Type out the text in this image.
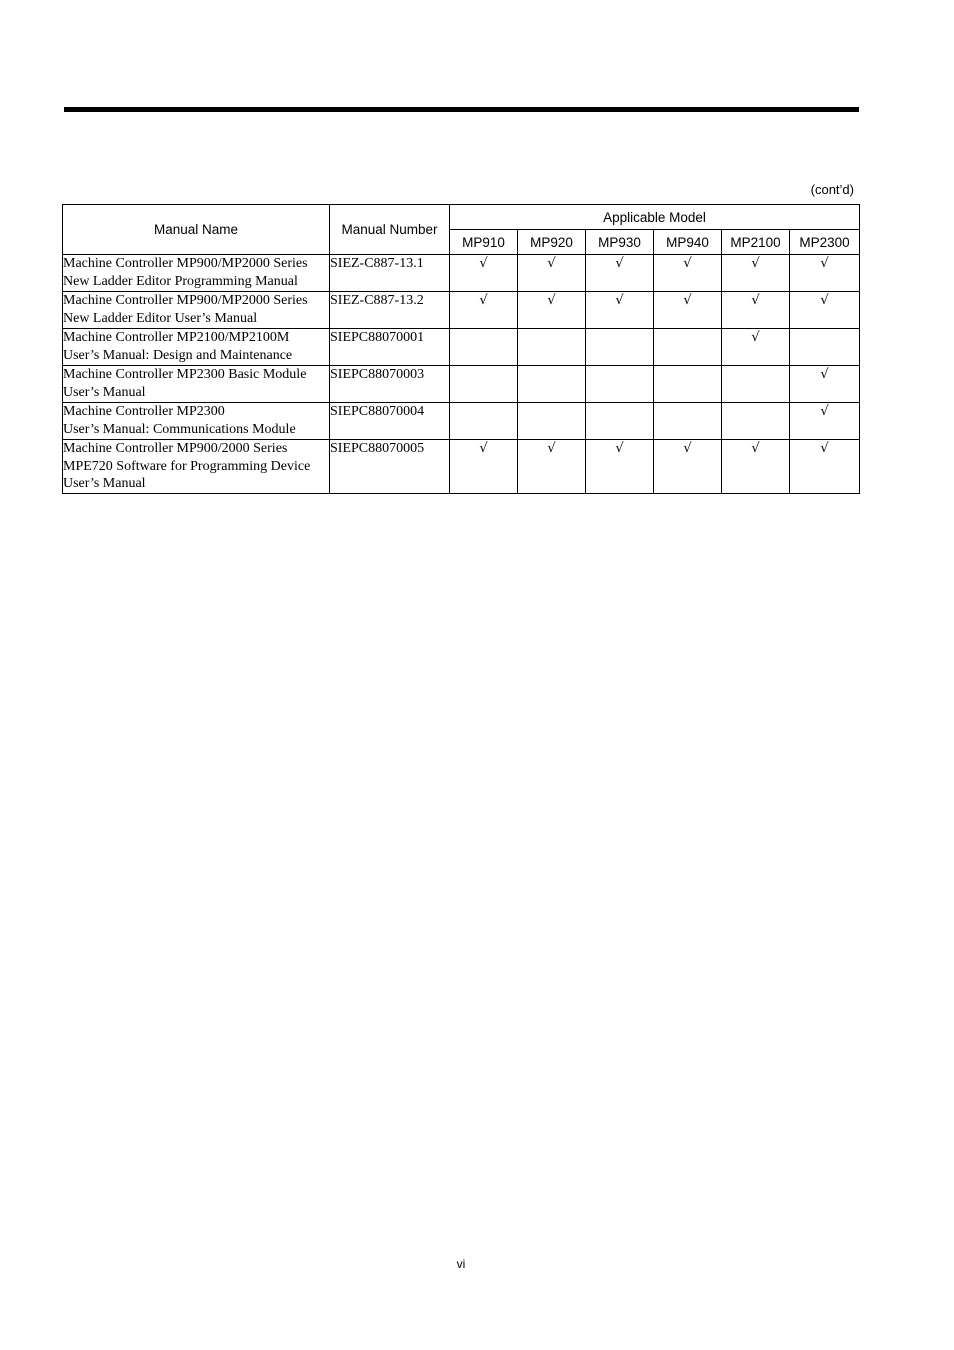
(cont’d)
Manual Name	Manual Number	Applicable Model					
		MP910	MP920	MP930	MP940	MP2100	MP2300

Machine Controller MP900/MP2000 Series
New Ladder Editor Programming Manual	SIEZ-C887-13.1	√	√	√	√	√	√

Machine Controller MP900/MP2000 Series
New Ladder Editor User’s Manual	SIEZ-C887-13.2	√	√	√	√	√	√

Machine Controller MP2100/MP2100M
User’s Manual: Design and Maintenance	SIEPC88070001					√	

Machine Controller MP2300 Basic Module
User’s Manual	SIEPC88070003						√

Machine Controller MP2300
User’s Manual: Communications Module	SIEPC88070004						√

Machine Controller MP900/2000 Series
MPE720 Software for Programming Device
User’s Manual	SIEPC88070005	√	√	√	√	√	√
vi
